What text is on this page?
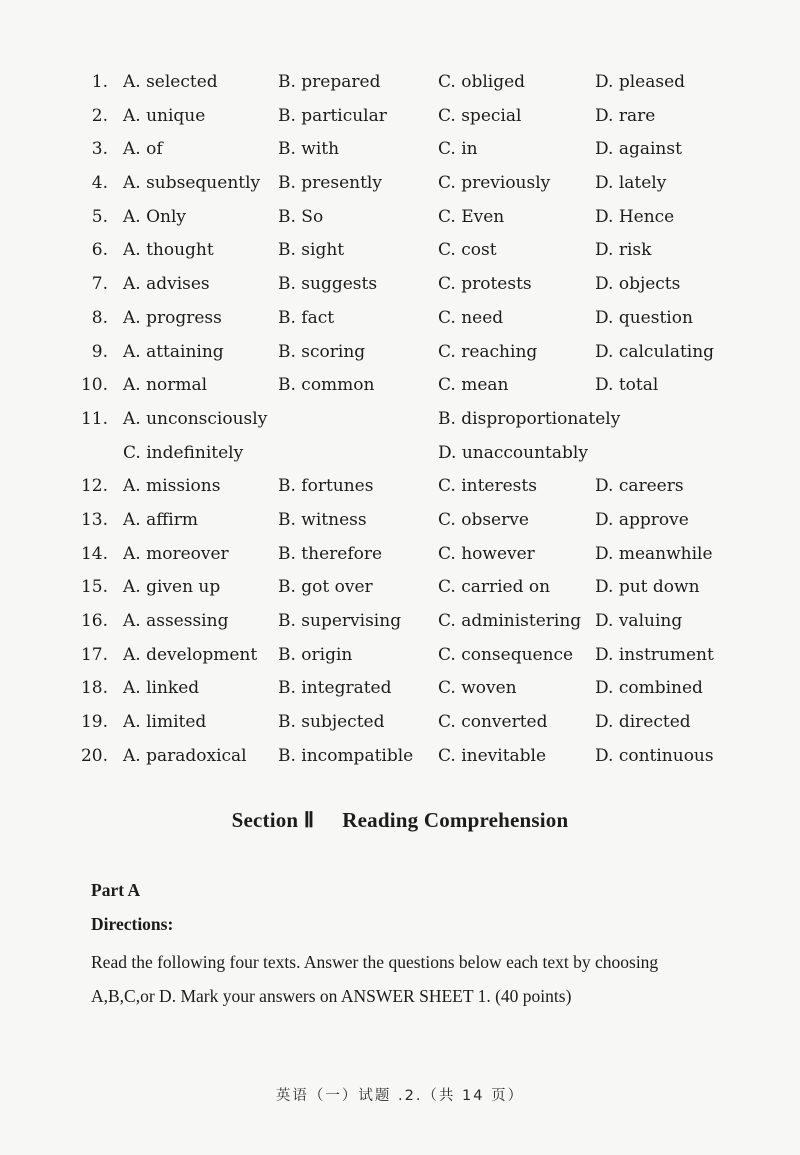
1. A. selected	B. prepared	C. obliged	D. pleased
2. A. unique	B. particular	C. special	D. rare
3. A. of	B. with	C. in	D. against
4. A. subsequently B. presently	C. previously	D. lately
5. A. Only	B. So	C. Even	D. Hence
6. A. thought	B. sight	C. cost	D. risk
7. A. advises	B. suggests	C. protests	D. objects
8. A. progress	B. fact	C. need	D. question
9. A. attaining	B. scoring	C. reaching	D. calculating
10. A. normal	B. common	C. mean	D. total
11. A. unconsciously	B. disproportionately
C. indefinitely	D. unaccountably
12. A. missions	B. fortunes	C. interests	D. careers
13. A. affirm	B. witness	C. observe	D. approve
14. A. moreover	B. therefore	C. however	D. meanwhile
15. A. given up	B. got over	C. carried on	D. put down
16. A. assessing	B. supervising C. administering D. valuing
17. A. development B. origin	C. consequence D. instrument
18. A. linked	B. integrated	C. woven	D. combined
19. A. limited	B. subjected	C. converted	D. directed
20. A. paradoxical B. incompatible C. inevitable	D. continuous
Section Ⅱ Reading Comprehension
Part A
Directions:
Read the following four texts. Answer the questions below each text by choosing
A,B,C,or D. Mark your answers on ANSWER SHEET 1. (40 points)
英语（一）试题 .2.（共 14 页）
